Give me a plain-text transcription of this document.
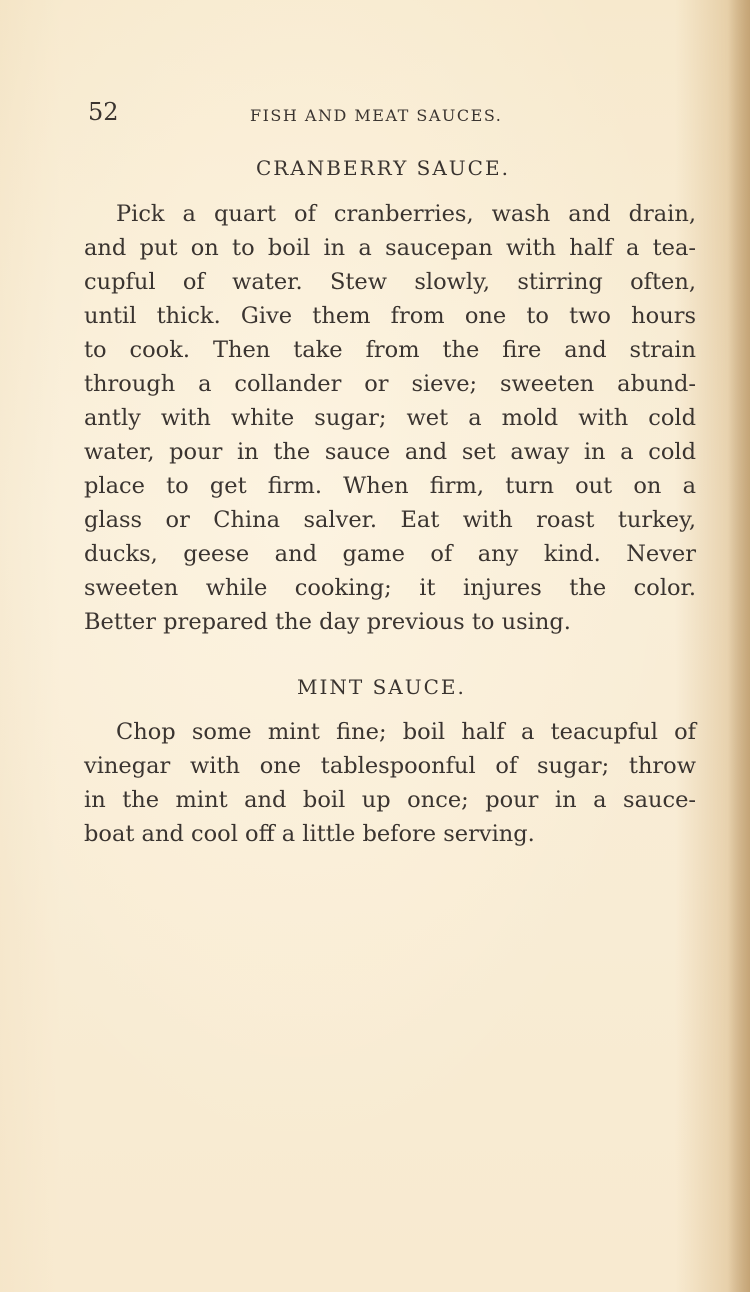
52	FISH AND MEAT SAUCES.
CRANBERRY SAUCE.
Pick a quart of cranberries, wash and drain,
and put on to boil in a saucepan with half a tea-
cupful of water. Stew slowly, stirring often,
until thick. Give them from one to two hours
to cook. Then take from the fire and strain
through a collander or sieve; sweeten abund-
antly with white sugar; wet a mold with cold
water, pour in the sauce and set away in a cold
place to get firm. When firm, turn out on a
glass or China salver. Eat with roast turkey,
ducks, geese and game of any kind. Never
sweeten while cooking; it injures the color.
Better prepared the day previous to using.
MINT SAUCE.
Chop some mint fine; boil half a teacupful of
vinegar with one tablespoonful of sugar; throw
in the mint and boil up once; pour in a sauce-
boat and cool off a little before serving.
